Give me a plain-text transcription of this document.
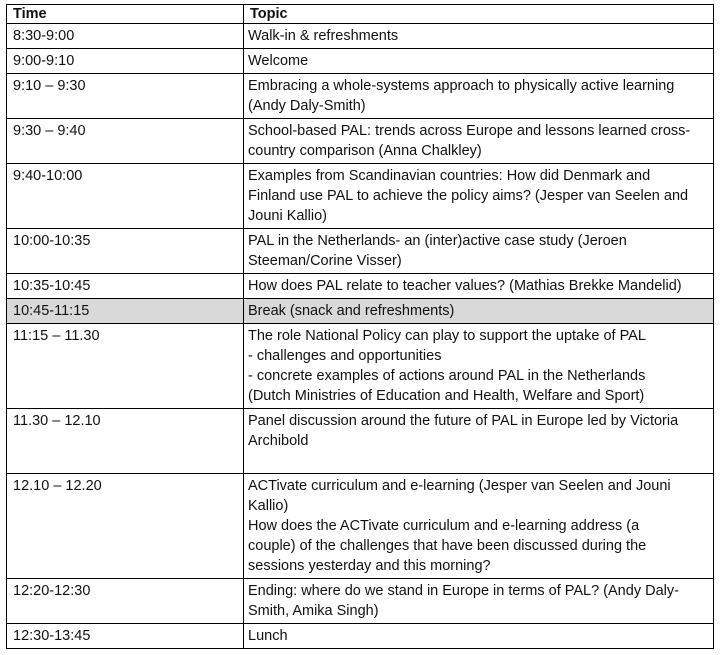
Time	Topic
8:30-9:00	Walk-in & refreshments

9:00-9:10	Welcome

9:10 – 9:30	Embracing a whole-systems approach to physically active learning
(Andy Daly-Smith)

9:30 – 9:40	School-based PAL: trends across Europe and lessons learned cross-
country comparison (Anna Chalkley)

9:40-10:00	Examples from Scandinavian countries: How did Denmark and
Finland use PAL to achieve the policy aims? (Jesper van Seelen and
Jouni Kallio)

10:00-10:35	PAL in the Netherlands- an (inter)active case study (Jeroen
Steeman/Corine Visser)

10:35-10:45	How does PAL relate to teacher values? (Mathias Brekke Mandelid)

10:45-11:15	Break (snack and refreshments)

11:15 – 11.30	The role National Policy can play to support the uptake of PAL
- challenges and opportunities
- concrete examples of actions around PAL in the Netherlands
(Dutch Ministries of Education and Health, Welfare and Sport)

11.30 – 12.10	Panel discussion around the future of PAL in Europe led by Victoria
Archibold

12.10 – 12.20	ACTivate curriculum and e-learning (Jesper van Seelen and Jouni
Kallio)
How does the ACTivate curriculum and e-learning address (a
couple) of the challenges that have been discussed during the
sessions yesterday and this morning?

12:20-12:30	Ending: where do we stand in Europe in terms of PAL? (Andy Daly-
Smith, Amika Singh)

12:30-13:45	Lunch
